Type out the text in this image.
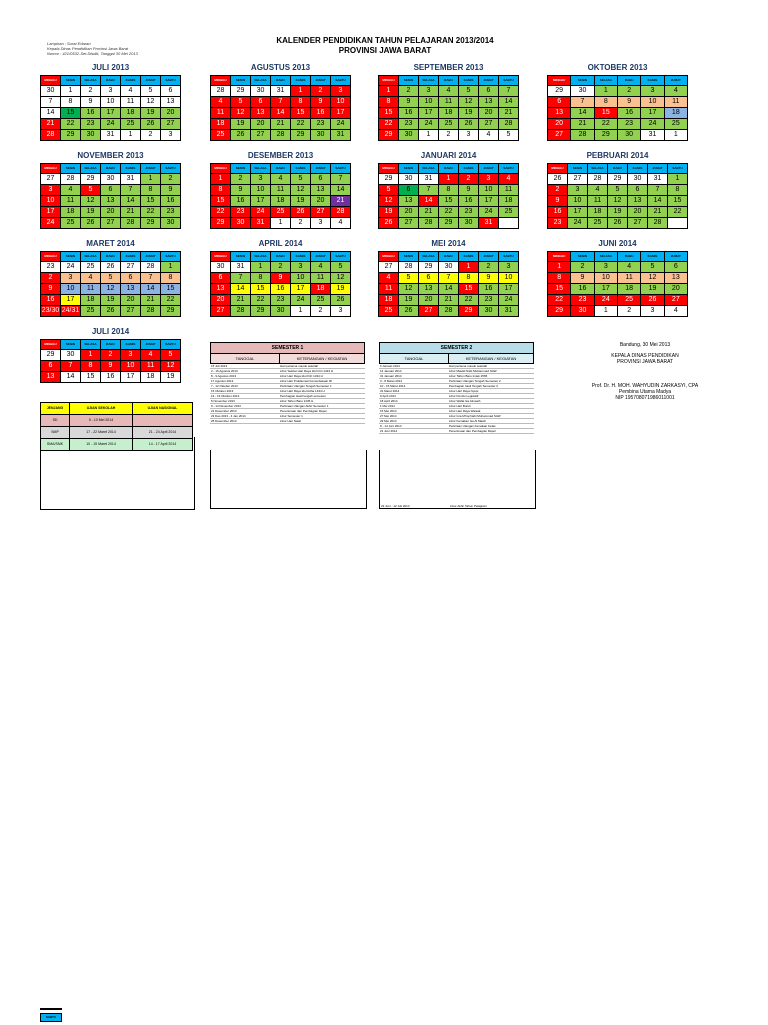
Lampiran : Surat Edaran
Kepala Dinas Pendidikan Provinsi Jawa Barat
Nomor : 421/0532-Set.Disdik, Tanggal 30 Mei 2013
KALENDER PENDIDIKAN TAHUN PELAJARAN 2013/2014
PROVINSI JAWA BARAT
JULI 2013
MINGGU	SENIN	SELASA	RABU	KAMIS	JUMAT	SABTU
30	1	2	3	4	5	6
7	8	9	10	11	12	13
14	15	16	17	18	19	20
21	22	23	24	25	26	27
28	29	30	31	1	2	3
AGUSTUS 2013
MINGGU	SENIN	SELASA	RABU	KAMIS	JUMAT	SABTU
28	29	30	31	1	2	3
4	5	6	7	8	9	10
11	12	13	14	15	16	17
18	19	20	21	22	23	24
25	26	27	28	29	30	31
SEPTEMBER 2013
MINGGU	SENIN	SELASA	RABU	KAMIS	JUMAT	SABTU
1	2	3	4	5	6	7
8	9	10	11	12	13	14
15	16	17	18	19	20	21
22	23	24	25	26	27	28
29	30	1	2	3	4	5
OKTOBER 2013
MINGGU	SENIN	SELASA	RABU	KAMIS	JUMAT
29	30	1	2	3	4
6	7	8	9	10	11
13	14	15	16	17	18
20	21	22	23	24	25
27	28	29	30	31	1
NOVEMBER 2013
MINGGU	SENIN	SELASA	RABU	KAMIS	JUMAT	SABTU
27	28	29	30	31	1	2
3	4	5	6	7	8	9
10	11	12	13	14	15	16
17	18	19	20	21	22	23
24	25	26	27	28	29	30
DESEMBER 2013
MINGGU	SENIN	SELASA	RABU	KAMIS	JUMAT	SABTU
1	2	3	4	5	6	7
8	9	10	11	12	13	14
15	16	17	18	19	20	21
22	23	24	25	26	27	28
29	30	31	1	2	3	4
JANUARI 2014
MINGGU	SENIN	SELASA	RABU	KAMIS	JUMAT	SABTU
29	30	31	1	2	3	4
5	6	7	8	9	10	11
12	13	14	15	16	17	18
19	20	21	22	23	24	25
26	27	28	29	30	31	
PEBRUARI 2014
MINGGU	SENIN	SELASA	RABU	KAMIS	JUMAT	SABTU
26	27	28	29	30	31	1
2	3	4	5	6	7	8
9	10	11	12	13	14	15
16	17	18	19	20	21	22
23	24	25	26	27	28	
MARET 2014
MINGGU	SENIN	SELASA	RABU	KAMIS	JUMAT	SABTU
23	24	25	26	27	28	1
2	3	4	5	6	7	8
9	10	11	12	13	14	15
16	17	18	19	20	21	22
23/30	24/31	25	26	27	28	29
APRIL 2014
MINGGU	SENIN	SELASA	RABU	KAMIS	JUMAT	SABTU
30	31	1	2	3	4	5
6	7	8	9	10	11	12
13	14	15	16	17	18	19
20	21	22	23	24	25	26
27	28	29	30	1	2	3
MEI 2014
MINGGU	SENIN	SELASA	RABU	KAMIS	JUMAT	SABTU
27	28	29	30	1	2	3
4	5	6	7	8	9	10
11	12	13	14	15	16	17
18	19	20	21	22	23	24
25	26	27	28	29	30	31
JUNI 2014
MINGGU	SENIN	SELASA	RABU	KAMIS	JUMAT
1	2	3	4	5	6
8	9	10	11	12	13
15	16	17	18	19	20
22	23	24	25	26	27
29	30	1	2	3	4
JULI 2014
MINGGU	SENIN	SELASA	RABU	KAMIS	JUMAT	SABTU
29	30	1	2	3	4	5
6	7	8	9	10	11	12
13	14	15	16	17	18	19
SEMESTER 1
TANGGAL	KETERANGAN / KEGIATAN
15 Juli 2013	Hari pertama masuk sekolah
2 - 16 Agustus 2013	Libur Sekitar Hari Raya Idul Fitri 1434 H
8 - 9 Agustus 2013	Libur Hari Raya Idul Fitri 1434 H
17 Agustus 2013	Libur Hari Proklamasi Kemerdekaan RI
7 - 12 Oktober 2013	Perkiraan Ulangan Tengah Semester 1
15 Oktober 2013	Libur Hari Raya Idul Adha 1434 H
16 - 19 Oktober 2013	Pembagian Hasil tengah semester
5 November 2013	Libur Tahun Baru 1435 H
9 - 14 Desember 2013	Perkiraan Ulangan Akhir Semester 1
21 Desember 2013	Penerimaan dan Pembagian Rapor
23 Des 2013 - 4 Jan 2014	Libur Semester 1
25 Desember 2013	Libur Hari Natal
SEMESTER 2
TANGGAL	KETERANGAN / KEGIATAN
6 Januari 2014	Hari pertama masuk sekolah
14 Januari 2014	Libur Maulid Nabi Muhammad SAW
31 Januari 2014	Libur Tahun Baru Imlek 2565
3 - 8 Maret 2014	Perkiraan Ulangan Tengah Semester 2
10 - 15 Maret 2014	Pembagian hasil Tengah Semester 2
31 Maret 2014	Libur Hari Raya Nyepi
9 April 2014	Libur Pemilu Legislatif
18 April 2014	Libur Wafat Isa Almasih
1 Mei 2014	Libur Hari Buruh
15 Mei 2014	Libur Hari Raya Waisak
27 Mei 2014	Libur Isra Mi'raj Nabi Muhammad SAW
29 Mei 2014	Libur Kenaikan Isa Al Masih
9 - 14 Juni 2014	Perkiraan Ulangan Kenaikan Kelas
21 Juni 2014	Penerimaan dan Pembagian Rapor
23 Juni - 12 Juli 2014	Libur Akhir Tahun Pelajaran
Bandung, 30 Mei 2013
KEPALA DINAS PENDIDIKAN
PROVINSI JAWA BARAT
Prof. Dr. H. MOH. WAHYUDIN ZARKASYI, CPA
Pembina Utama Madya
NIP 195708071986011001
JENJANG	UJIAN SEKOLAH	UJIAN NASIONAL
SD	5 - 10 Mei 2014
SMP	17 - 22 Maret 2014	21 - 24 April 2014
SMA/SMK	10 - 15 Maret 2014	14 - 17 April 2014
SABTU
